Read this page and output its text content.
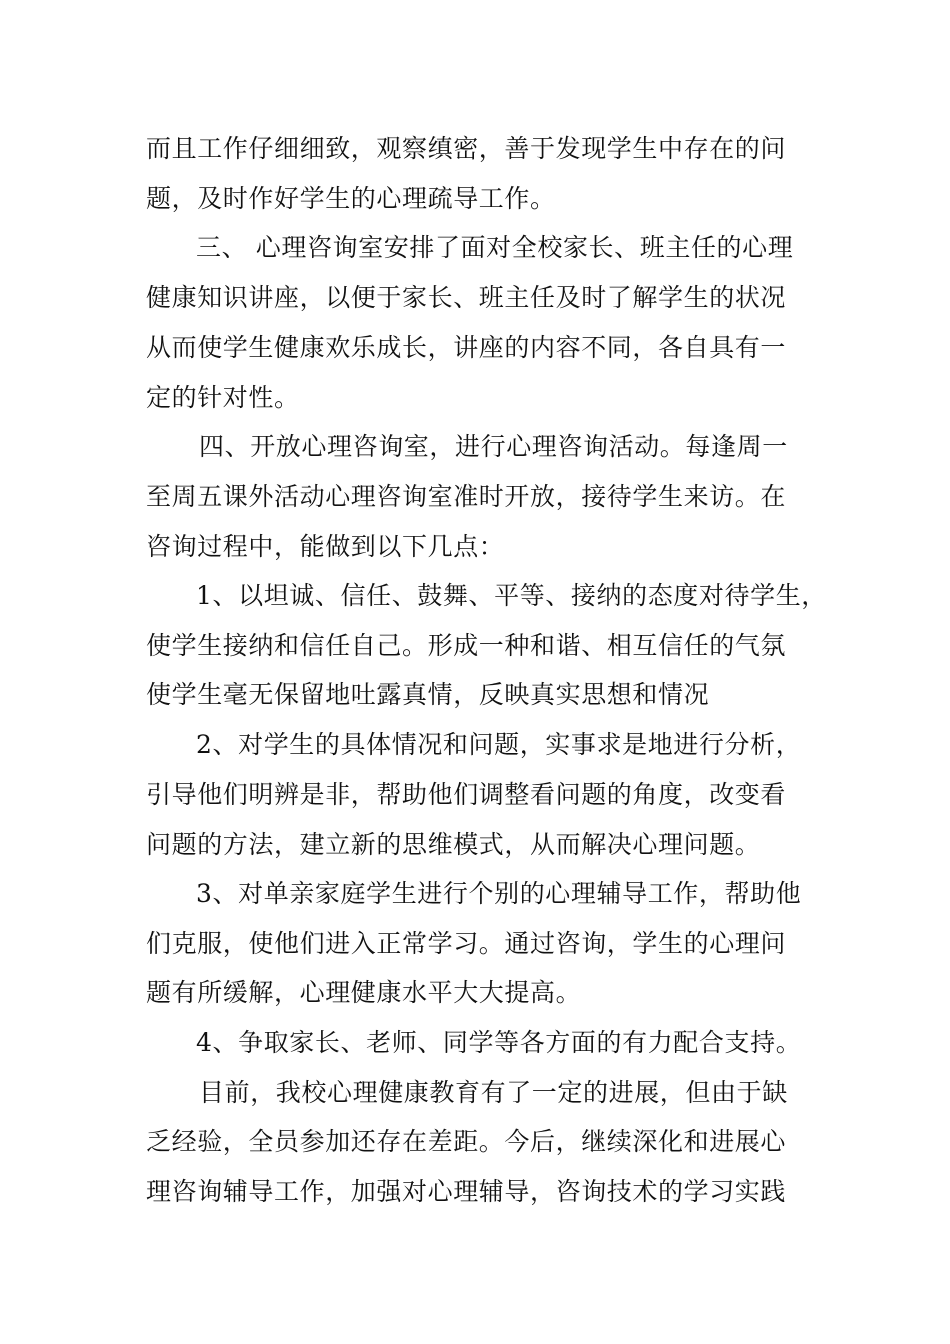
而且工作仔细细致，观察缜密，善于发现学生中存在的问
题，及时作好学生的心理疏导工作。
三、 心理咨询室安排了面对全校家长、班主任的心理
健康知识讲座，以便于家长、班主任及时了解学生的状况
从而使学生健康欢乐成长，讲座的内容不同，各自具有一
定的针对性。
四、开放心理咨询室，进行心理咨询活动。每逢周一
至周五课外活动心理咨询室准时开放，接待学生来访。在
咨询过程中，能做到以下几点：
1、以坦诚、信任、鼓舞、平等、接纳的态度对待学生，
使学生接纳和信任自己。形成一种和谐、相互信任的气氛
使学生毫无保留地吐露真情，反映真实思想和情况
2、对学生的具体情况和问题，实事求是地进行分析，
引导他们明辨是非，帮助他们调整看问题的角度，改变看
问题的方法，建立新的思维模式，从而解决心理问题。
3、对单亲家庭学生进行个别的心理辅导工作，帮助他
们克服，使他们进入正常学习。通过咨询，学生的心理问
题有所缓解，心理健康水平大大提高。
4、争取家长、老师、同学等各方面的有力配合支持。
目前，我校心理健康教育有了一定的进展，但由于缺
乏经验，全员参加还存在差距。今后，继续深化和进展心
理咨询辅导工作，加强对心理辅导，咨询技术的学习实践
